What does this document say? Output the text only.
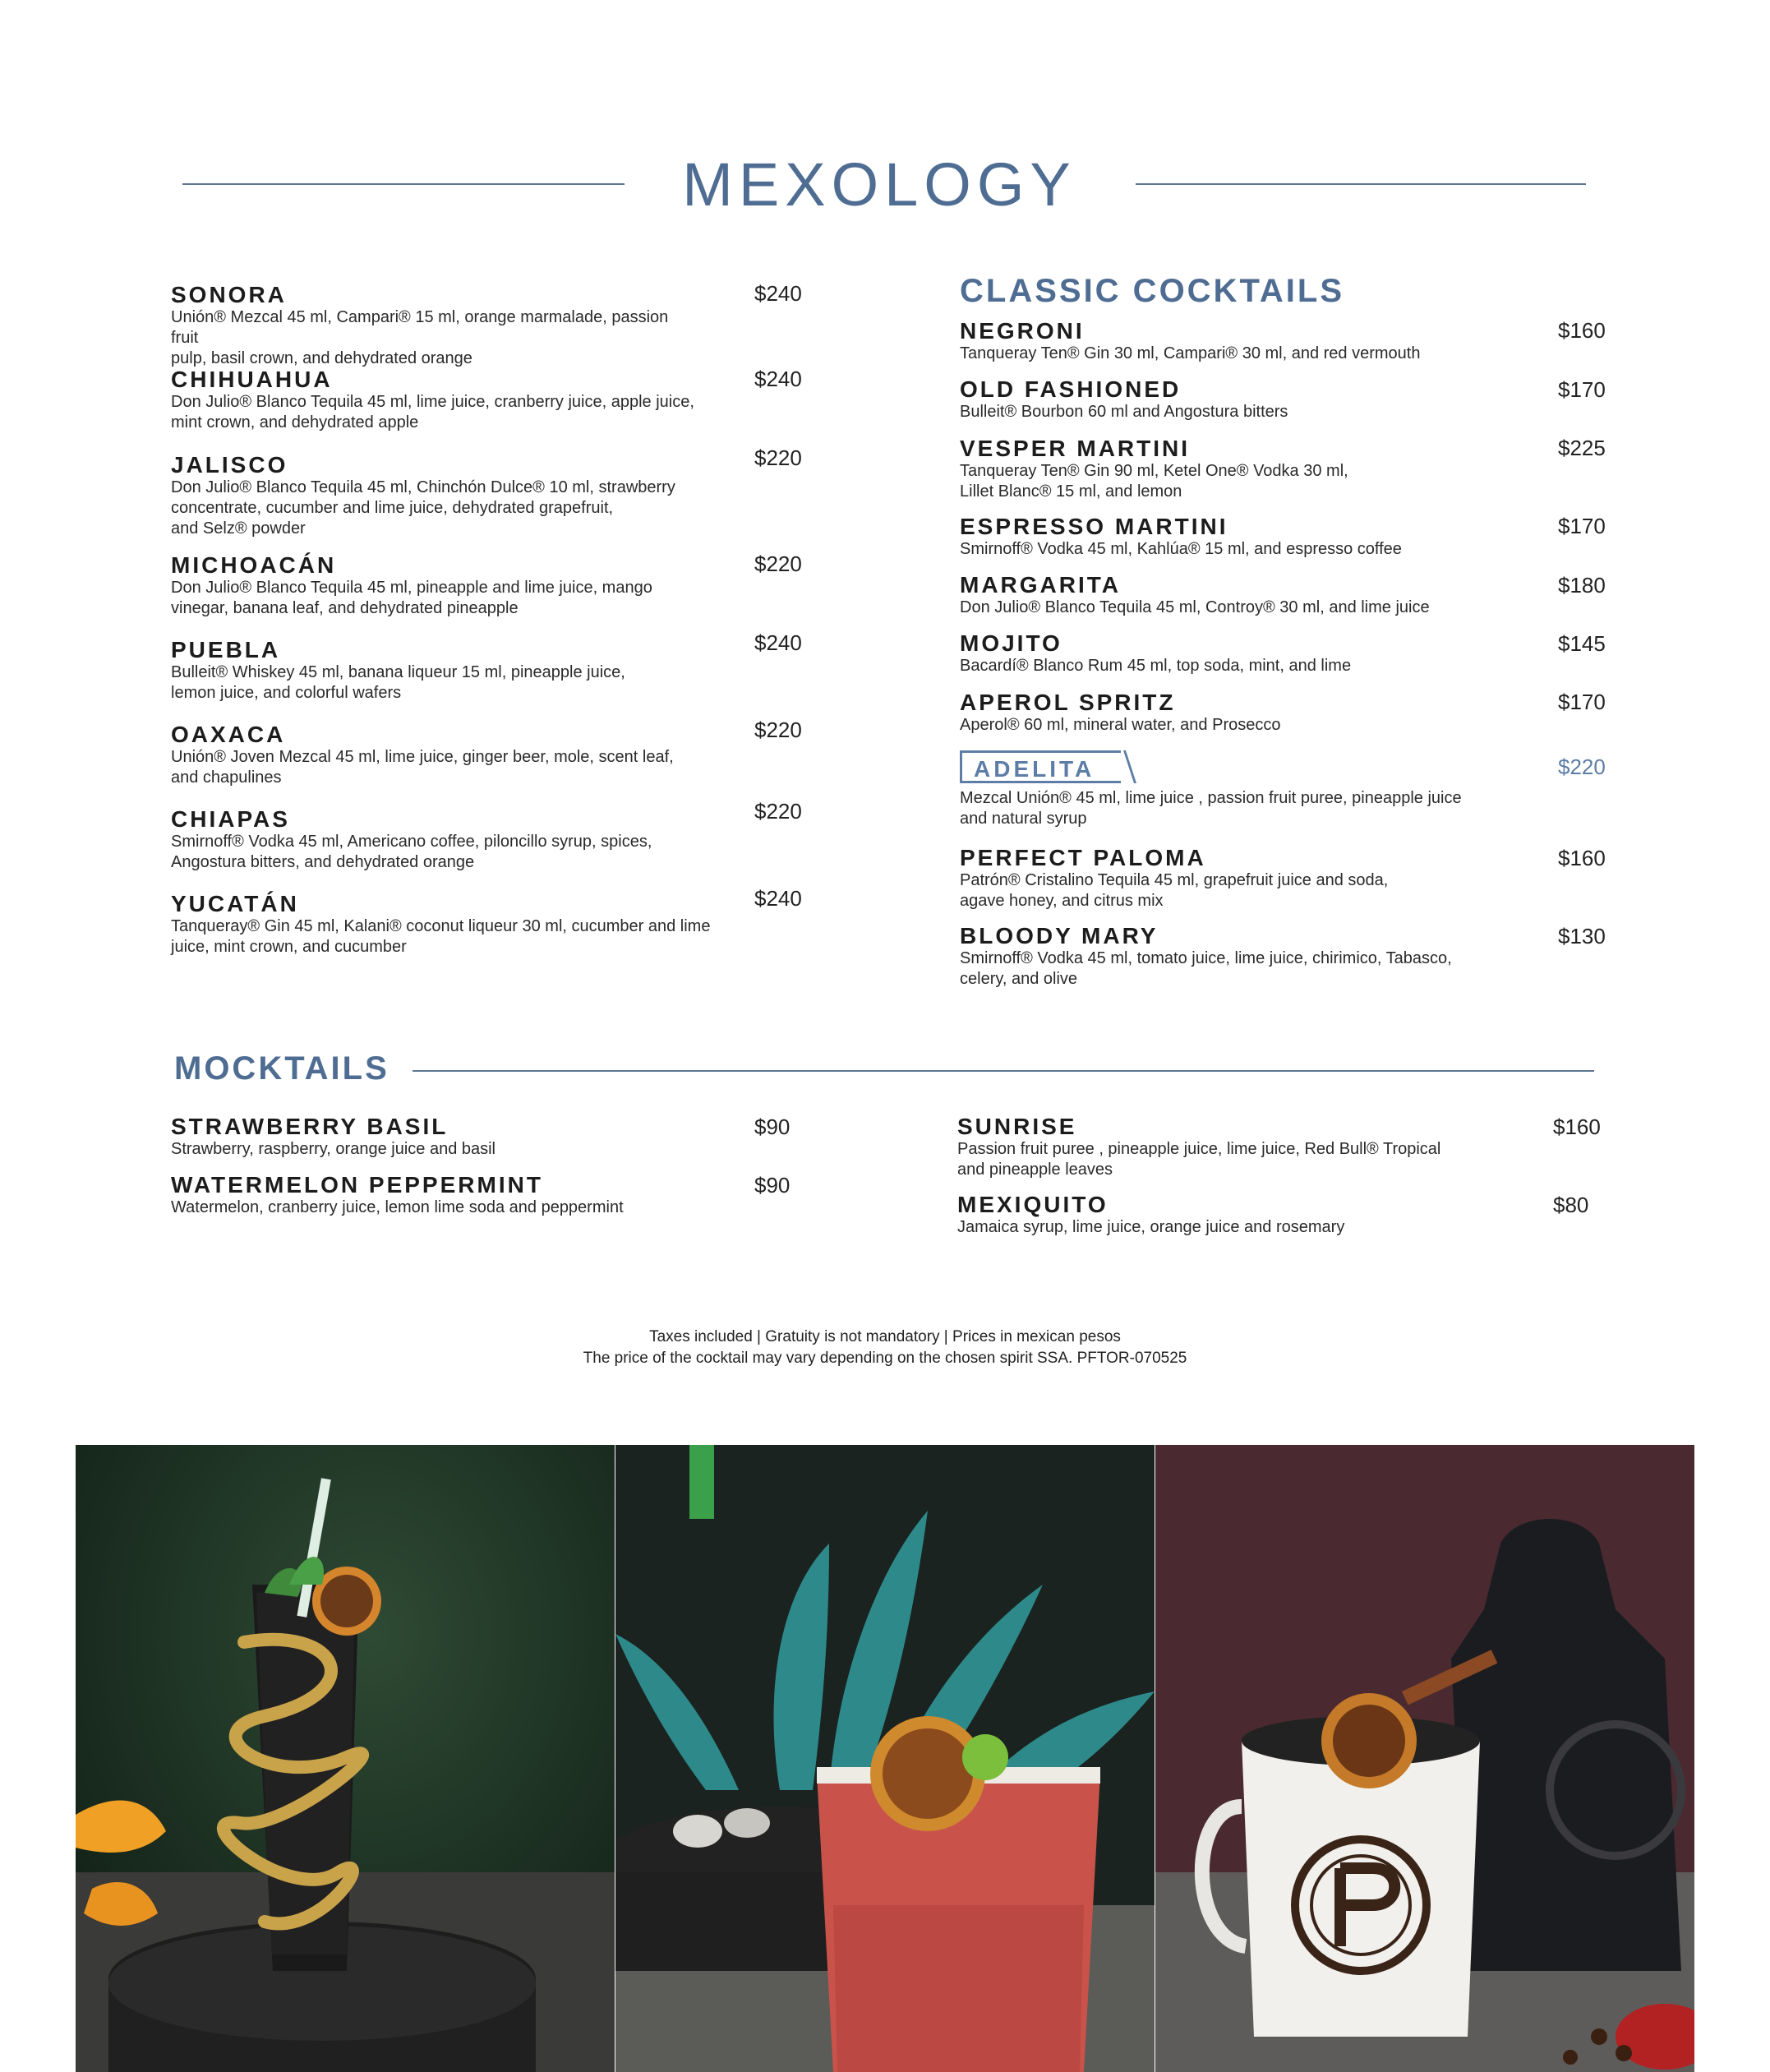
MEXOLOGY
SONORA
Unión® Mezcal 45 ml, Campari® 15 ml, orange marmalade, passion fruit
pulp, basil crown, and dehydrated orange
$240
CHIHUAHUA
Don Julio® Blanco Tequila 45 ml, lime juice, cranberry juice, apple juice,
mint crown, and dehydrated apple
$240
JALISCO
Don Julio® Blanco Tequila 45 ml, Chinchón Dulce® 10 ml, strawberry
concentrate, cucumber and lime juice, dehydrated grapefruit,
and Selz® powder
$220
MICHOACÁN
Don Julio® Blanco Tequila 45 ml, pineapple and lime juice, mango
vinegar, banana leaf, and dehydrated pineapple
$220
PUEBLA
Bulleit® Whiskey 45 ml, banana liqueur 15 ml, pineapple juice,
lemon juice, and colorful wafers
$240
OAXACA
Unión® Joven Mezcal 45 ml, lime juice, ginger beer, mole, scent leaf,
and chapulines
$220
CHIAPAS
Smirnoff® Vodka 45 ml, Americano coffee, piloncillo syrup, spices,
Angostura bitters, and dehydrated orange
$220
YUCATÁN
Tanqueray® Gin 45 ml, Kalani® coconut liqueur 30 ml, cucumber and lime
juice, mint crown, and cucumber
$240
CLASSIC COCKTAILS
NEGRONI
Tanqueray Ten® Gin 30 ml, Campari® 30 ml, and red vermouth
$160
OLD FASHIONED
Bulleit® Bourbon 60 ml and Angostura bitters
$170
VESPER MARTINI
Tanqueray Ten® Gin 90 ml, Ketel One® Vodka 30 ml,
Lillet Blanc® 15 ml, and lemon
$225
ESPRESSO MARTINI
Smirnoff® Vodka 45 ml, Kahlúa® 15 ml, and espresso coffee
$170
MARGARITA
Don Julio® Blanco Tequila 45 ml, Controy® 30 ml, and lime juice
$180
MOJITO
Bacardí® Blanco Rum 45 ml, top soda, mint, and lime
$145
APEROL SPRITZ
Aperol® 60 ml, mineral water, and Prosecco
$170
ADELITA
Mezcal Unión® 45 ml, lime juice , passion fruit puree, pineapple juice
and natural syrup
$220
PERFECT PALOMA
Patrón® Cristalino Tequila 45 ml, grapefruit juice and soda,
agave honey, and citrus mix
$160
BLOODY MARY
Smirnoff® Vodka 45 ml, tomato juice, lime juice, chirimico, Tabasco,
celery, and olive
$130
MOCKTAILS
STRAWBERRY BASIL
Strawberry, raspberry, orange juice and basil
$90
WATERMELON PEPPERMINT
Watermelon, cranberry juice, lemon lime soda and peppermint
$90
SUNRISE
Passion fruit puree , pineapple juice, lime juice, Red Bull® Tropical
and pineapple leaves
$160
MEXIQUITO
Jamaica syrup, lime juice, orange juice and rosemary
$80
Taxes included | Gratuity is not mandatory | Prices in mexican pesos
The price of the cocktail may vary depending on the chosen spirit SSA. PFTOR-070525
